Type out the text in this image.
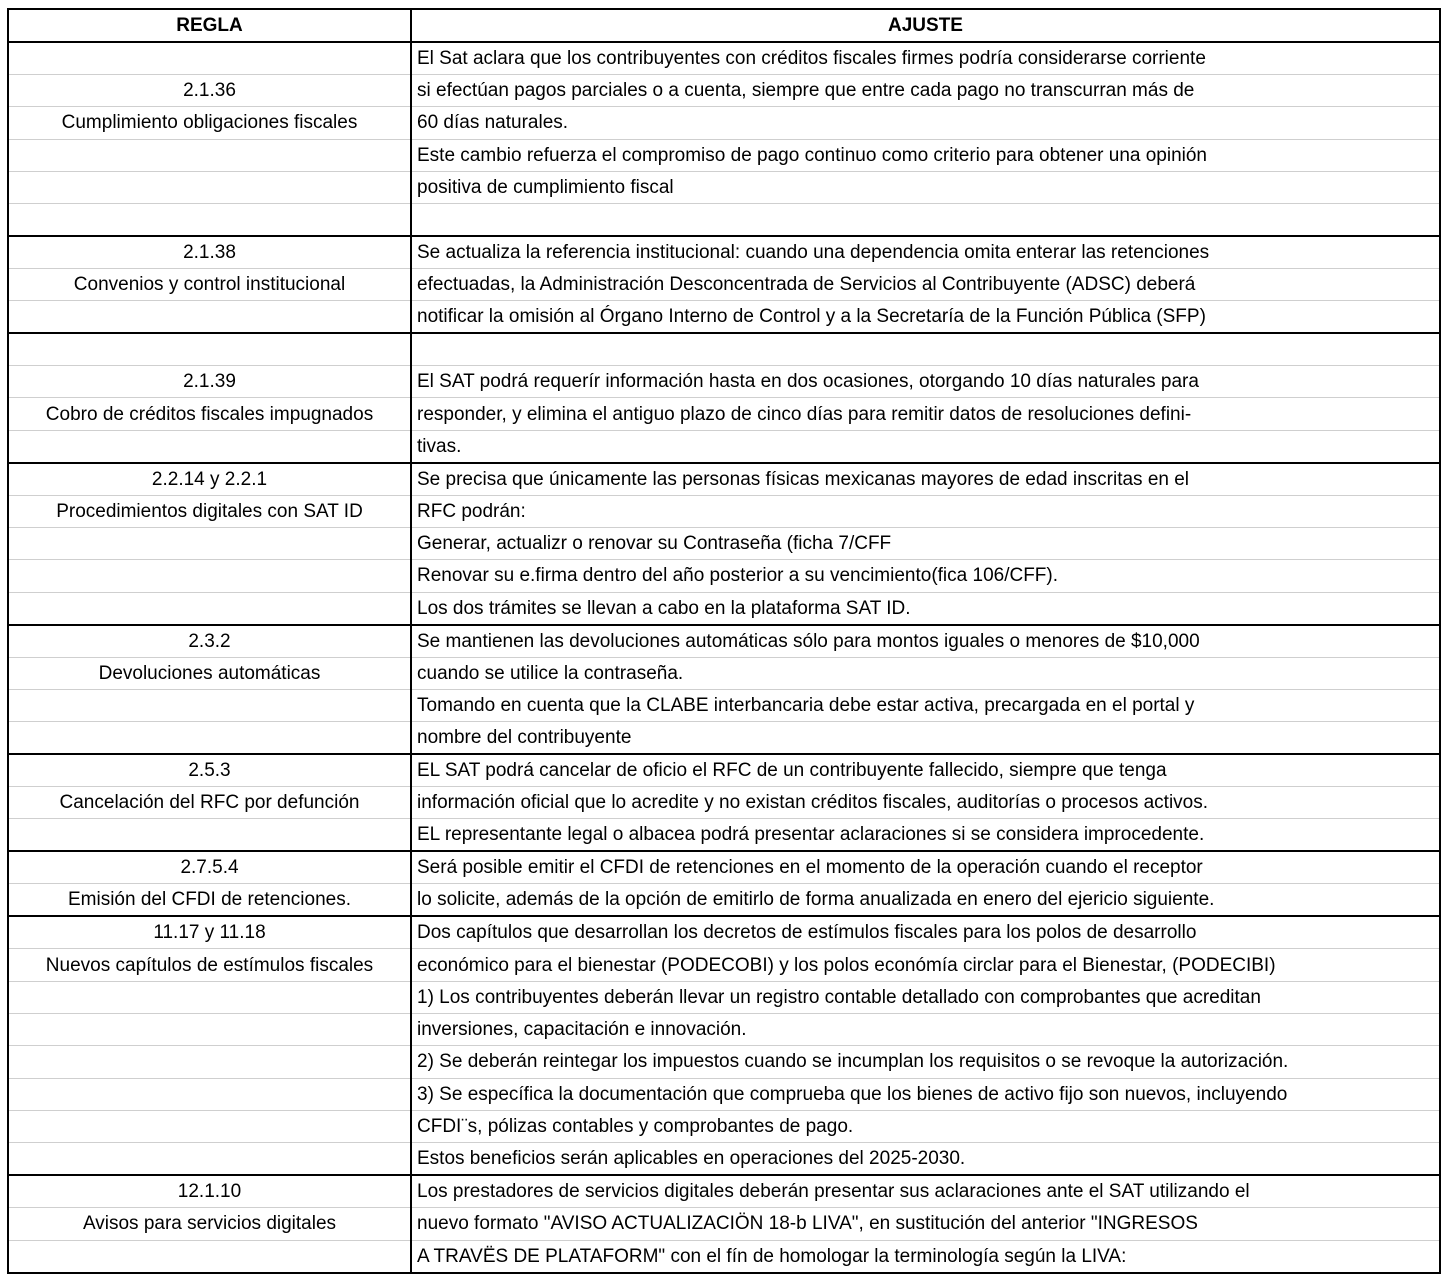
REGLA	AJUSTE
	El Sat aclara que los contribuyentes con créditos fiscales firmes podría considerarse corriente
2.1.36	si efectúan pagos parciales o a cuenta, siempre que entre cada pago no transcurran más de
Cumplimiento obligaciones fiscales	60 días naturales.
	Este cambio refuerza el compromiso de pago continuo como criterio para obtener una opinión
	positiva de cumplimiento fiscal

2.1.38	Se actualiza la referencia institucional: cuando una dependencia omita enterar las retenciones
Convenios y control institucional	efectuadas, la Administración Desconcentrada de Servicios al Contribuyente (ADSC) deberá
	notificar la omisión al Órgano Interno de Control y a la Secretaría de la Función Pública (SFP)

2.1.39	El SAT podrá requerír información hasta en dos ocasiones, otorgando 10 días naturales para
Cobro de créditos fiscales impugnados	responder, y elimina el antiguo plazo de cinco días para remitir datos de resoluciones defini-
	tivas.
2.2.14 y 2.2.1	Se precisa que únicamente las personas físicas mexicanas mayores de edad inscritas en el
Procedimientos digitales con SAT ID	RFC podrán:
	Generar, actualizr o renovar su Contraseña (ficha 7/CFF
	Renovar su e.firma dentro del año posterior a su vencimiento(fica 106/CFF).
	Los dos trámites se llevan a cabo en la plataforma SAT ID.
2.3.2	Se mantienen las devoluciones automáticas sólo para montos iguales o menores de $10,000
Devoluciones automáticas	cuando se utilice la contraseña.
	Tomando en cuenta que la CLABE interbancaria debe estar activa, precargada en el portal y
	nombre del contribuyente
2.5.3	EL SAT podrá cancelar de oficio el RFC de un contribuyente fallecido, siempre que tenga
Cancelación del RFC por defunción	información oficial que lo acredite y no existan créditos fiscales, auditorías o procesos activos.
	EL representante legal o albacea podrá presentar aclaraciones si se considera improcedente.
2.7.5.4	Será posible emitir el CFDI de retenciones en el momento de la operación cuando el receptor
Emisión del CFDI de retenciones.	lo solicite, además de la opción de emitirlo de forma anualizada en enero del ejericio siguiente.
11.17 y 11.18	Dos capítulos que desarrollan los decretos de estímulos fiscales para los polos de desarrollo
Nuevos capítulos de estímulos fiscales	económico para el bienestar (PODECOBI) y los polos económía circlar para el Bienestar, (PODECIBI)
	1) Los contribuyentes deberán llevar un registro contable detallado con comprobantes que acreditan
	inversiones, capacitación e innovación.
	2) Se deberán reintegar los impuestos cuando se incumplan los requisitos o se revoque la autorización.
	3) Se específica la documentación que comprueba que los bienes de activo fijo son nuevos, incluyendo
	CFDI¨s, pólizas contables y comprobantes de pago.
	Estos beneficios serán aplicables en operaciones del 2025-2030.
12.1.10	Los prestadores de servicios digitales deberán presentar sus aclaraciones ante el SAT utilizando el
Avisos para servicios digitales	nuevo formato "AVISO ACTUALIZACIÖN 18-b LIVA", en sustitución del anterior "INGRESOS
	A TRAVËS DE PLATAFORM" con el fín de homologar la terminología según la LIVA:
